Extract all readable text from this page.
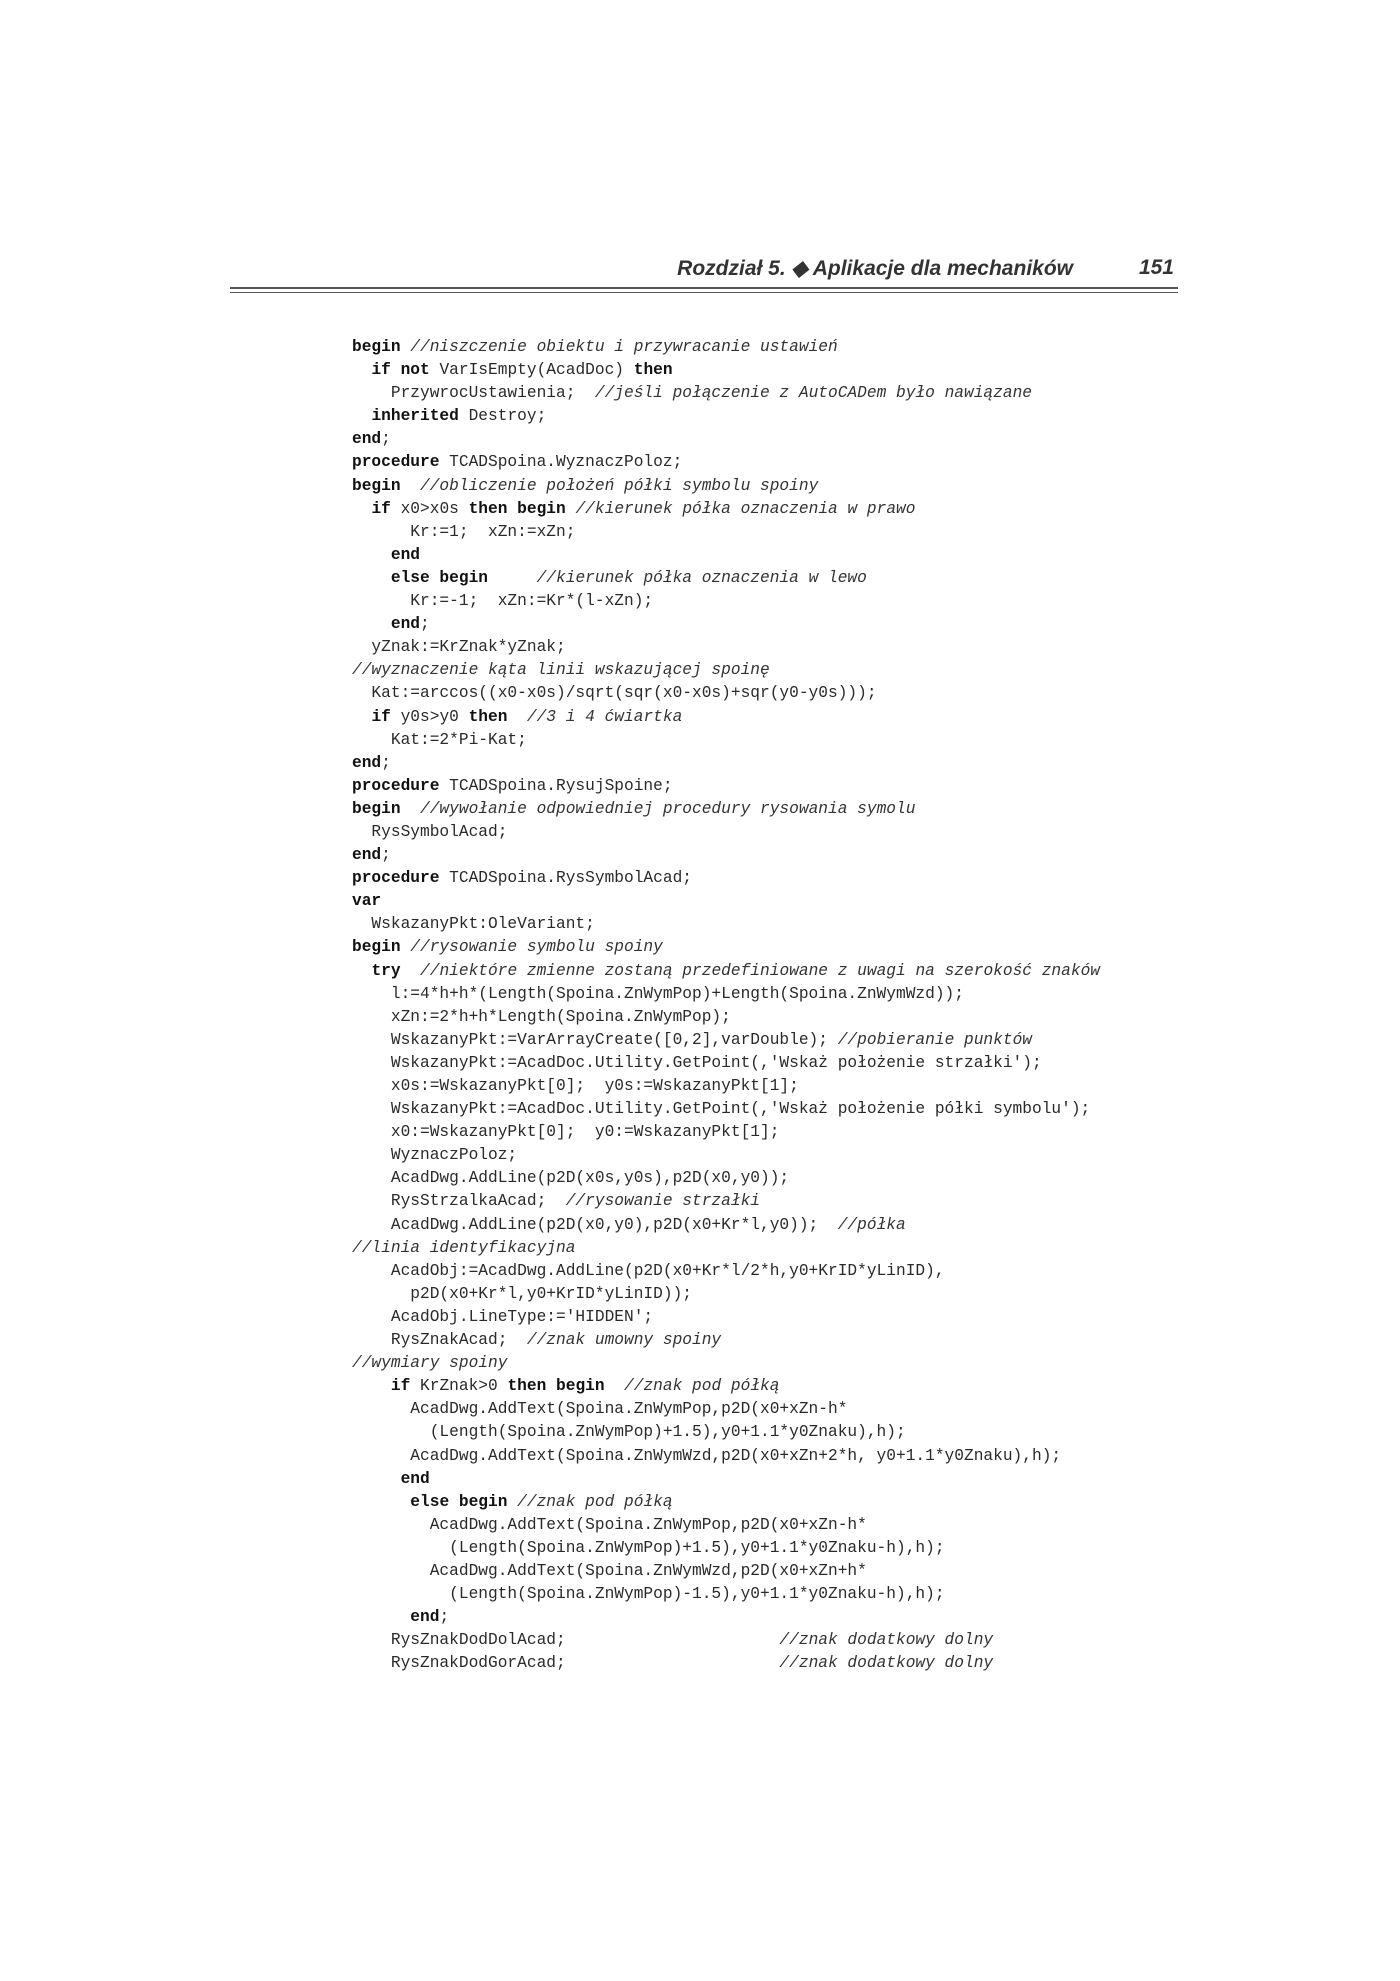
Rozdział 5. ◆ Aplikacje dla mechaników	151
begin //niszczenie obiektu i przywracanie ustawień
if not VarIsEmpty(AcadDoc) then
PrzywrocUstawienia;  //jeśli połączenie z AutoCADem było nawiązane
inherited Destroy;
end;
procedure TCADSpoina.WyznaczPoloz;
begin  //obliczenie położeń półki symbolu spoiny
if x0>x0s then begin //kierunek półka oznaczenia w prawo
Kr:=1;  xZn:=xZn;
end
else begin     //kierunek półka oznaczenia w lewo
Kr:=-1;  xZn:=Kr*(l-xZn);
end;
yZnak:=KrZnak*yZnak;
//wyznaczenie kąta linii wskazującej spoinę
Kat:=arccos((x0-x0s)/sqrt(sqr(x0-x0s)+sqr(y0-y0s)));
if y0s>y0 then  //3 i 4 ćwiartka
Kat:=2*Pi-Kat;
end;
procedure TCADSpoina.RysujSpoine;
begin  //wywołanie odpowiedniej procedury rysowania symolu
RysSymbolAcad;
end;
procedure TCADSpoina.RysSymbolAcad;
var
WskazanyPkt:OleVariant;
begin //rysowanie symbolu spoiny
try  //niektóre zmienne zostaną przedefiniowane z uwagi na szerokość znaków
l:=4*h+h*(Length(Spoina.ZnWymPop)+Length(Spoina.ZnWymWzd));
xZn:=2*h+h*Length(Spoina.ZnWymPop);
WskazanyPkt:=VarArrayCreate([0,2],varDouble); //pobieranie punktów
WskazanyPkt:=AcadDoc.Utility.GetPoint(,'Wskaż położenie strzałki');
x0s:=WskazanyPkt[0];  y0s:=WskazanyPkt[1];
WskazanyPkt:=AcadDoc.Utility.GetPoint(,'Wskaż położenie półki symbolu');
x0:=WskazanyPkt[0];  y0:=WskazanyPkt[1];
WyznaczPoloz;
AcadDwg.AddLine(p2D(x0s,y0s),p2D(x0,y0));
RysStrzalkaAcad;  //rysowanie strzałki
AcadDwg.AddLine(p2D(x0,y0),p2D(x0+Kr*l,y0));  //półka
//linia identyfikacyjna
AcadObj:=AcadDwg.AddLine(p2D(x0+Kr*l/2*h,y0+KrID*yLinID),
p2D(x0+Kr*l,y0+KrID*yLinID));
AcadObj.LineType:='HIDDEN';
RysZnakAcad;  //znak umowny spoiny
//wymiary spoiny
if KrZnak>0 then begin  //znak pod półką
AcadDwg.AddText(Spoina.ZnWymPop,p2D(x0+xZn-h*
(Length(Spoina.ZnWymPop)+1.5),y0+1.1*y0Znaku),h);
AcadDwg.AddText(Spoina.ZnWymWzd,p2D(x0+xZn+2*h, y0+1.1*y0Znaku),h);
end
else begin //znak pod półką
AcadDwg.AddText(Spoina.ZnWymPop,p2D(x0+xZn-h*
(Length(Spoina.ZnWymPop)+1.5),y0+1.1*y0Znaku-h),h);
AcadDwg.AddText(Spoina.ZnWymWzd,p2D(x0+xZn+h*
(Length(Spoina.ZnWymPop)-1.5),y0+1.1*y0Znaku-h),h);
end;
RysZnakDodDolAcad;                      //znak dodatkowy dolny
RysZnakDodGorAcad;                      //znak dodatkowy dolny
